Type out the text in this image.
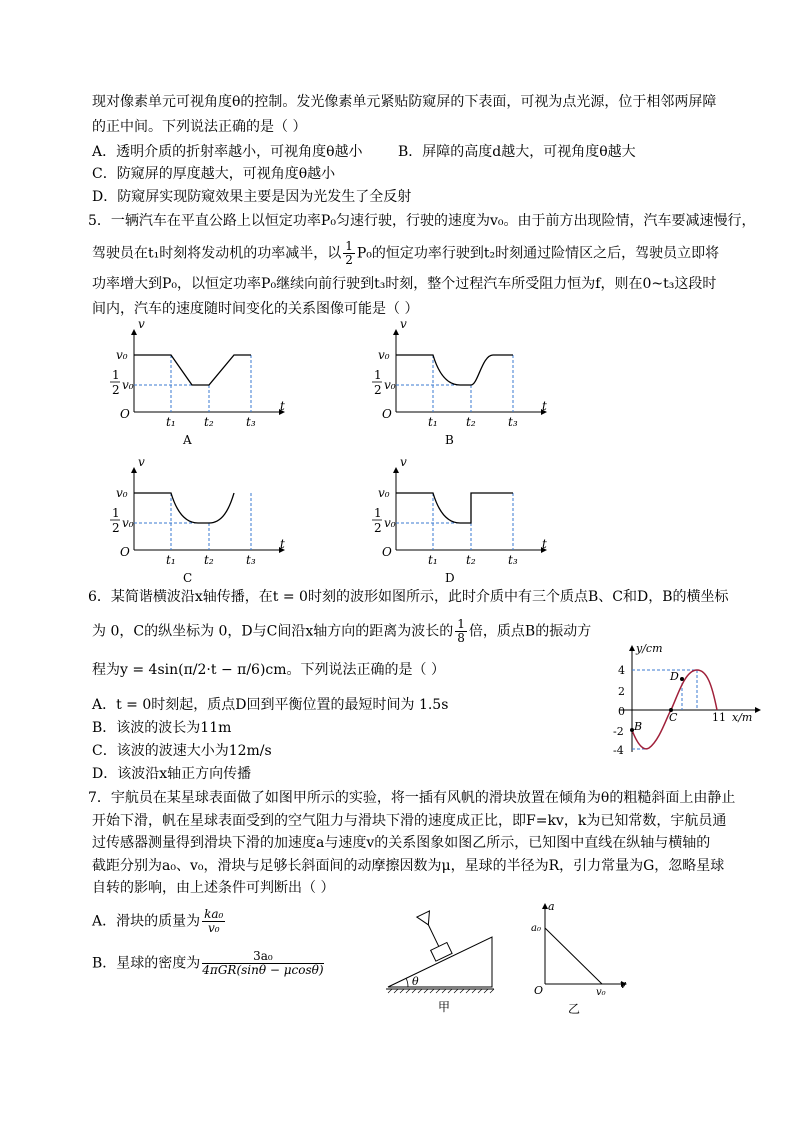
现对像素单元可视角度θ的控制。发光像素单元紧贴防窥屏的下表面，可视为点光源，位于相邻两屏障
的正中间。下列说法正确的是（ ）
A．透明介质的折射率越小，可视角度θ越小	B．屏障的高度d越大，可视角度θ越大
C．防窥屏的厚度越大，可视角度θ越小
D．防窥屏实现防窥效果主要是因为光发生了全反射
5．一辆汽车在平直公路上以恒定功率P₀匀速行驶，行驶的速度为v₀。由于前方出现险情，汽车要减速慢行，
驾驶员在t₁时刻将发动机的功率减半，以 $\frac{1}{2} P_0$的恒定功率行驶到t₂时刻通过险情区之后，驾驶员立即将
功率增大到P₀，以恒定功率P₀继续向前行驶到t₃时刻，整个过程汽车所受阻力恒为f，则在0~t₃这段时
间内，汽车的速度随时间变化的关系图像可能是（ ）
v
t
O
v₀
1
2 v₀
t₁ t₂	t₃
A
v
t
O
v₀
1
2 v₀
t₁ t₂	t₃
B
v
t
O
v₀
1
2 v₀
t₁ t₂	t₃
C
v
t
O
v₀
1
2 v₀
t₁ t₂	t₃
D
6．某简谐横波沿x轴传播，在t = 0时刻的波形如图所示，此时介质中有三个质点B、C和D，B的横坐标
为 0，C的纵坐标为 0，D与C间沿x轴方向的距离为波长的 $\frac{1}{8}$ 倍，质点B的振动方
程为y = 4sin(π/2·t − π/6)cm。下列说法正确的是（ ）
A．t = 0时刻起，质点D回到平衡位置的最短时间为 1.5s
B．该波的波长为11m
C．该波的波速大小为12m/s
D．该波沿x轴正方向传播
y/cm
x/m
4
2
0
-2
-4
B
C
D
11
7．宇航员在某星球表面做了如图甲所示的实验，将一插有风帆的滑块放置在倾角为θ的粗糙斜面上由静止
开始下滑，帆在星球表面受到的空气阻力与滑块下滑的速度成正比，即F=kv，k为已知常数，宇航员通
过传感器测量得到滑块下滑的加速度a与速度v的关系图象如图乙所示，已知图中直线在纵轴与横轴的
截距分别为a₀、v₀，滑块与足够长斜面间的动摩擦因数为μ，星球的半径为R，引力常量为G，忽略星球
自转的影响，由上述条件可判断出（ ）
A．滑块的质量为 $\frac{\text{ka₀}}{\text{v₀}}$
B．星球的密度为 $\frac{\text{3a₀}}{\text{4πGR(sinθ − μcosθ)}}$
θ
甲
a
v
a₀
v₀
O
乙
